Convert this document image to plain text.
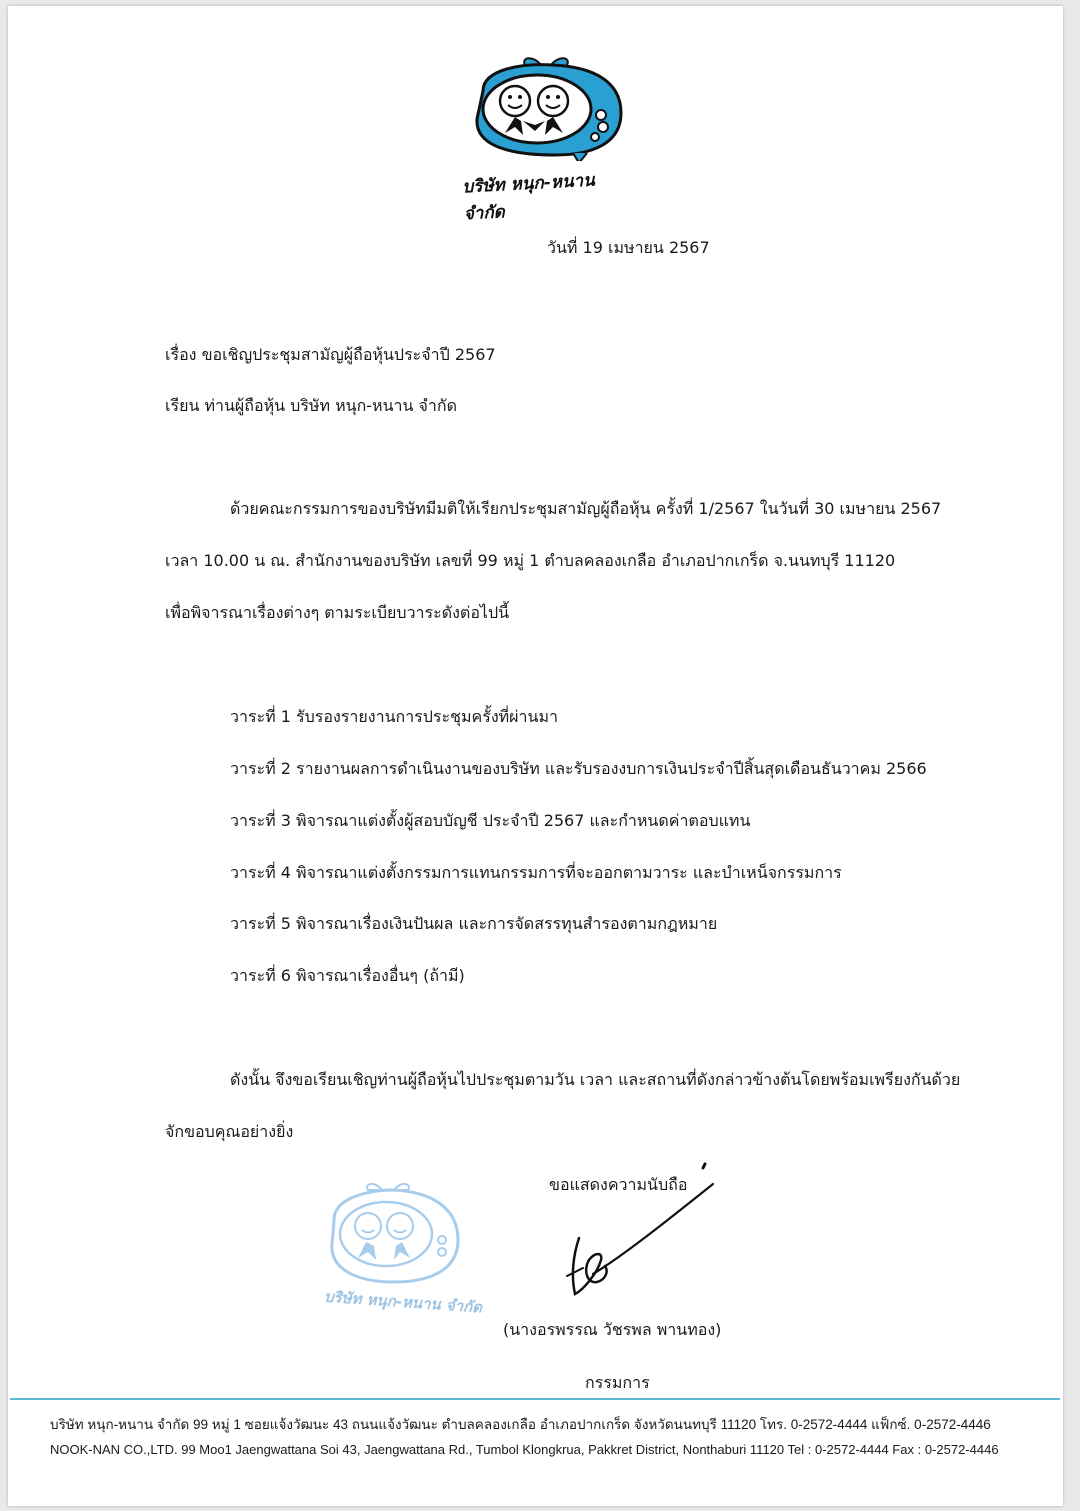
บริษัท หนุก-หนาน จำกัด
วันที่ 19 เมษายน 2567
เรื่อง ขอเชิญประชุมสามัญผู้ถือหุ้นประจำปี 2567
เรียน ท่านผู้ถือหุ้น บริษัท หนุก-หนาน จำกัด
ด้วยคณะกรรมการของบริษัทมีมติให้เรียกประชุมสามัญผู้ถือหุ้น ครั้งที่ 1/2567 ในวันที่ 30 เมษายน 2567
เวลา 10.00 น ณ. สำนักงานของบริษัท เลขที่ 99 หมู่ 1 ตำบลคลองเกลือ อำเภอปากเกร็ด จ.นนทบุรี 11120
เพื่อพิจารณาเรื่องต่างๆ ตามระเบียบวาระดังต่อไปนี้
วาระที่ 1 รับรองรายงานการประชุมครั้งที่ผ่านมา
วาระที่ 2 รายงานผลการดำเนินงานของบริษัท และรับรองงบการเงินประจำปีสิ้นสุดเดือนธันวาคม 2566
วาระที่ 3 พิจารณาแต่งตั้งผู้สอบบัญชี ประจำปี 2567 และกำหนดค่าตอบแทน
วาระที่ 4 พิจารณาแต่งตั้งกรรมการแทนกรรมการที่จะออกตามวาระ และบำเหน็จกรรมการ
วาระที่ 5 พิจารณาเรื่องเงินปันผล และการจัดสรรทุนสำรองตามกฎหมาย
วาระที่ 6 พิจารณาเรื่องอื่นๆ (ถ้ามี)
ดังนั้น จึงขอเรียนเชิญท่านผู้ถือหุ้นไปประชุมตามวัน เวลา และสถานที่ดังกล่าวข้างต้นโดยพร้อมเพรียงกันด้วย
จักขอบคุณอย่างยิ่ง
ขอแสดงความนับถือ
บริษัท หนุก-หนาน จำกัด
(นางอรพรรณ วัชรพล พานทอง)
กรรมการ
บริษัท หนุก-หนาน จำกัด 99 หมู่ 1 ซอยแจ้งวัฒนะ 43 ถนนแจ้งวัฒนะ ตำบลคลองเกลือ อำเภอปากเกร็ด จังหวัดนนทบุรี 11120 โทร. 0-2572-4444 แฟ็กซ์. 0-2572-4446
NOOK-NAN CO.,LTD. 99 Moo1 Jaengwattana Soi 43, Jaengwattana Rd., Tumbol Klongkrua, Pakkret District, Nonthaburi 11120 Tel : 0-2572-4444 Fax : 0-2572-4446
